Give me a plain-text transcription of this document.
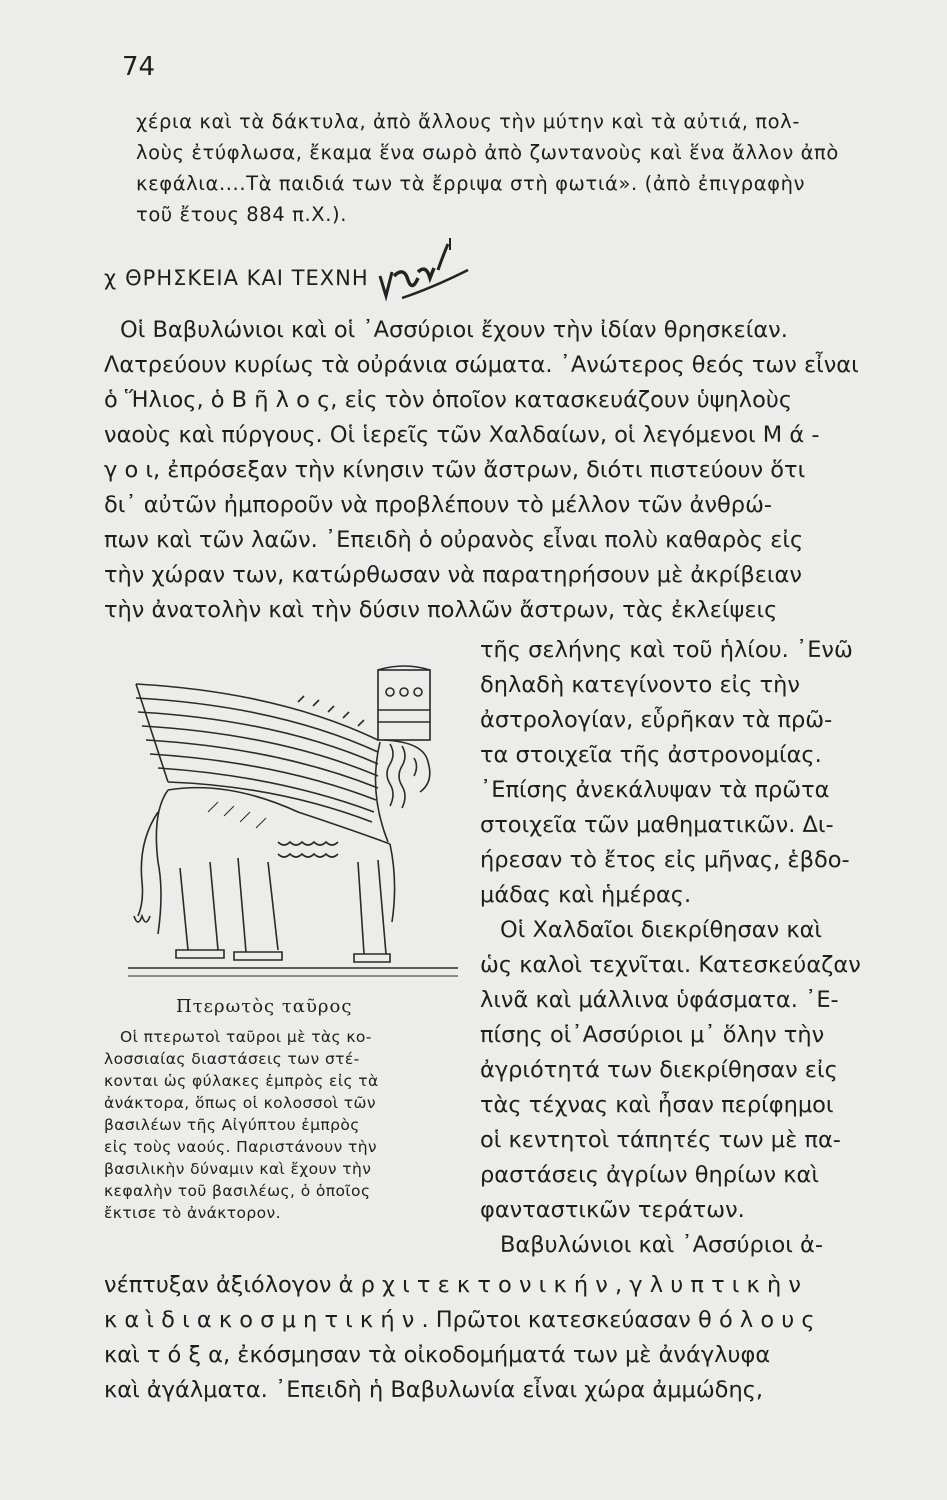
74
χέρια καὶ τὰ δάκτυλα, ἀπὸ ἄλλους τὴν μύτην καὶ τὰ αὐτιά, πολ-
λοὺς ἐτύφλωσα, ἔκαμα ἕνα σωρὸ ἀπὸ ζωντανοὺς καὶ ἕνα ἄλλον ἀπὸ
κεφάλια....Τὰ παιδιά των τὰ ἔρριψα στὴ φωτιά». (ἀπὸ ἐπιγραφὴν
τοῦ ἔτους 884 π.Χ.).
χ ΘΡΗΣΚΕΙΑ ΚΑΙ ΤΕΧΝΗ
Οἱ Βαβυλώνιοι καὶ οἱ ᾿Ασσύριοι ἔχουν τὴν ἰδίαν θρησκείαν.
Λατρεύουν κυρίως τὰ οὐράνια σώματα. ᾿Ανώτερος θεός των εἶναι
ὁ Ἥλιος, ὁ Β ῆ λ ο ς, εἰς τὸν ὁποῖον κατασκευάζουν ὑψηλοὺς
ναοὺς καὶ πύργους. Οἱ ἱερεῖς τῶν Χαλδαίων, οἱ λεγόμενοι Μ ά -
γ ο ι, ἐπρόσεξαν τὴν κίνησιν τῶν ἄστρων, διότι πιστεύουν ὅτι
δι᾿ αὐτῶν ἠμποροῦν νὰ προβλέπουν τὸ μέλλον τῶν ἀνθρώ-
πων καὶ τῶν λαῶν. ᾿Επειδὴ ὁ οὐρανὸς εἶναι πολὺ καθαρὸς εἰς
τὴν χώραν των, κατώρθωσαν νὰ παρατηρήσουν μὲ ἀκρίβειαν
τὴν ἀνατολὴν καὶ τὴν δύσιν πολλῶν ἄστρων, τὰς ἐκλείψεις
τῆς σελήνης καὶ τοῦ ἡλίου. ᾿Ενῶ
δηλαδὴ κατεγίνοντο εἰς τὴν
ἀστρολογίαν, εὗρῆκαν τὰ πρῶ-
τα στοιχεῖα τῆς ἀστρονομίας.
᾿Επίσης ἀνεκάλυψαν τὰ πρῶτα
στοιχεῖα τῶν μαθηματικῶν. Δι-
ήρεσαν τὸ ἔτος εἰς μῆνας, ἑβδο-
μάδας καὶ ἡμέρας.
Οἱ Χαλδαῖοι διεκρίθησαν καὶ
ὡς καλοὶ τεχνῖται. Κατεσκεύαζαν
λινᾶ καὶ μάλλινα ὑφάσματα. ᾿Ε-
πίσης οἱ᾿Ασσύριοι μ᾿ ὅλην τὴν
ἀγριότητά των διεκρίθησαν εἰς
τὰς τέχνας καὶ ἦσαν περίφημοι
οἱ κεντητοὶ τάπητές των μὲ πα-
ραστάσεις ἀγρίων θηρίων καὶ
φανταστικῶν τεράτων.
Βαβυλώνιοι καὶ ᾿Ασσύριοι ἀ-
Πτερωτὸς ταῦρος
Οἱ πτερωτοὶ ταῦροι μὲ τὰς κο-
λοσσιαίας διαστάσεις των στέ-
κονται ὡς φύλακες ἐμπρὸς εἰς τὰ
ἀνάκτορα, ὅπως οἱ κολοσσοὶ τῶν
βασιλέων τῆς Αἰγύπτου ἐμπρὸς
εἰς τοὺς ναούς. Παριστάνουν τὴν
βασιλικὴν δύναμιν καὶ ἔχουν τὴν
κεφαλὴν τοῦ βασιλέως, ὁ ὁποῖος
ἔκτισε τὸ ἀνάκτορον.
νέπτυξαν ἀξιόλογον ἀ ρ χ ι τ ε κ τ ο ν ι κ ή ν , γ λ υ π τ ι κ ὴ ν
κ α ὶ δ ι α κ ο σ μ η τ ι κ ή ν . Πρῶτοι κατεσκεύασαν θ ό λ ο υ ς
καὶ τ ό ξ α, ἐκόσμησαν τὰ οἰκοδομήματά των μὲ ἀνάγλυφα
καὶ ἀγάλματα. ᾿Επειδὴ ἡ Βαβυλωνία εἶναι χώρα ἀμμώδης,
